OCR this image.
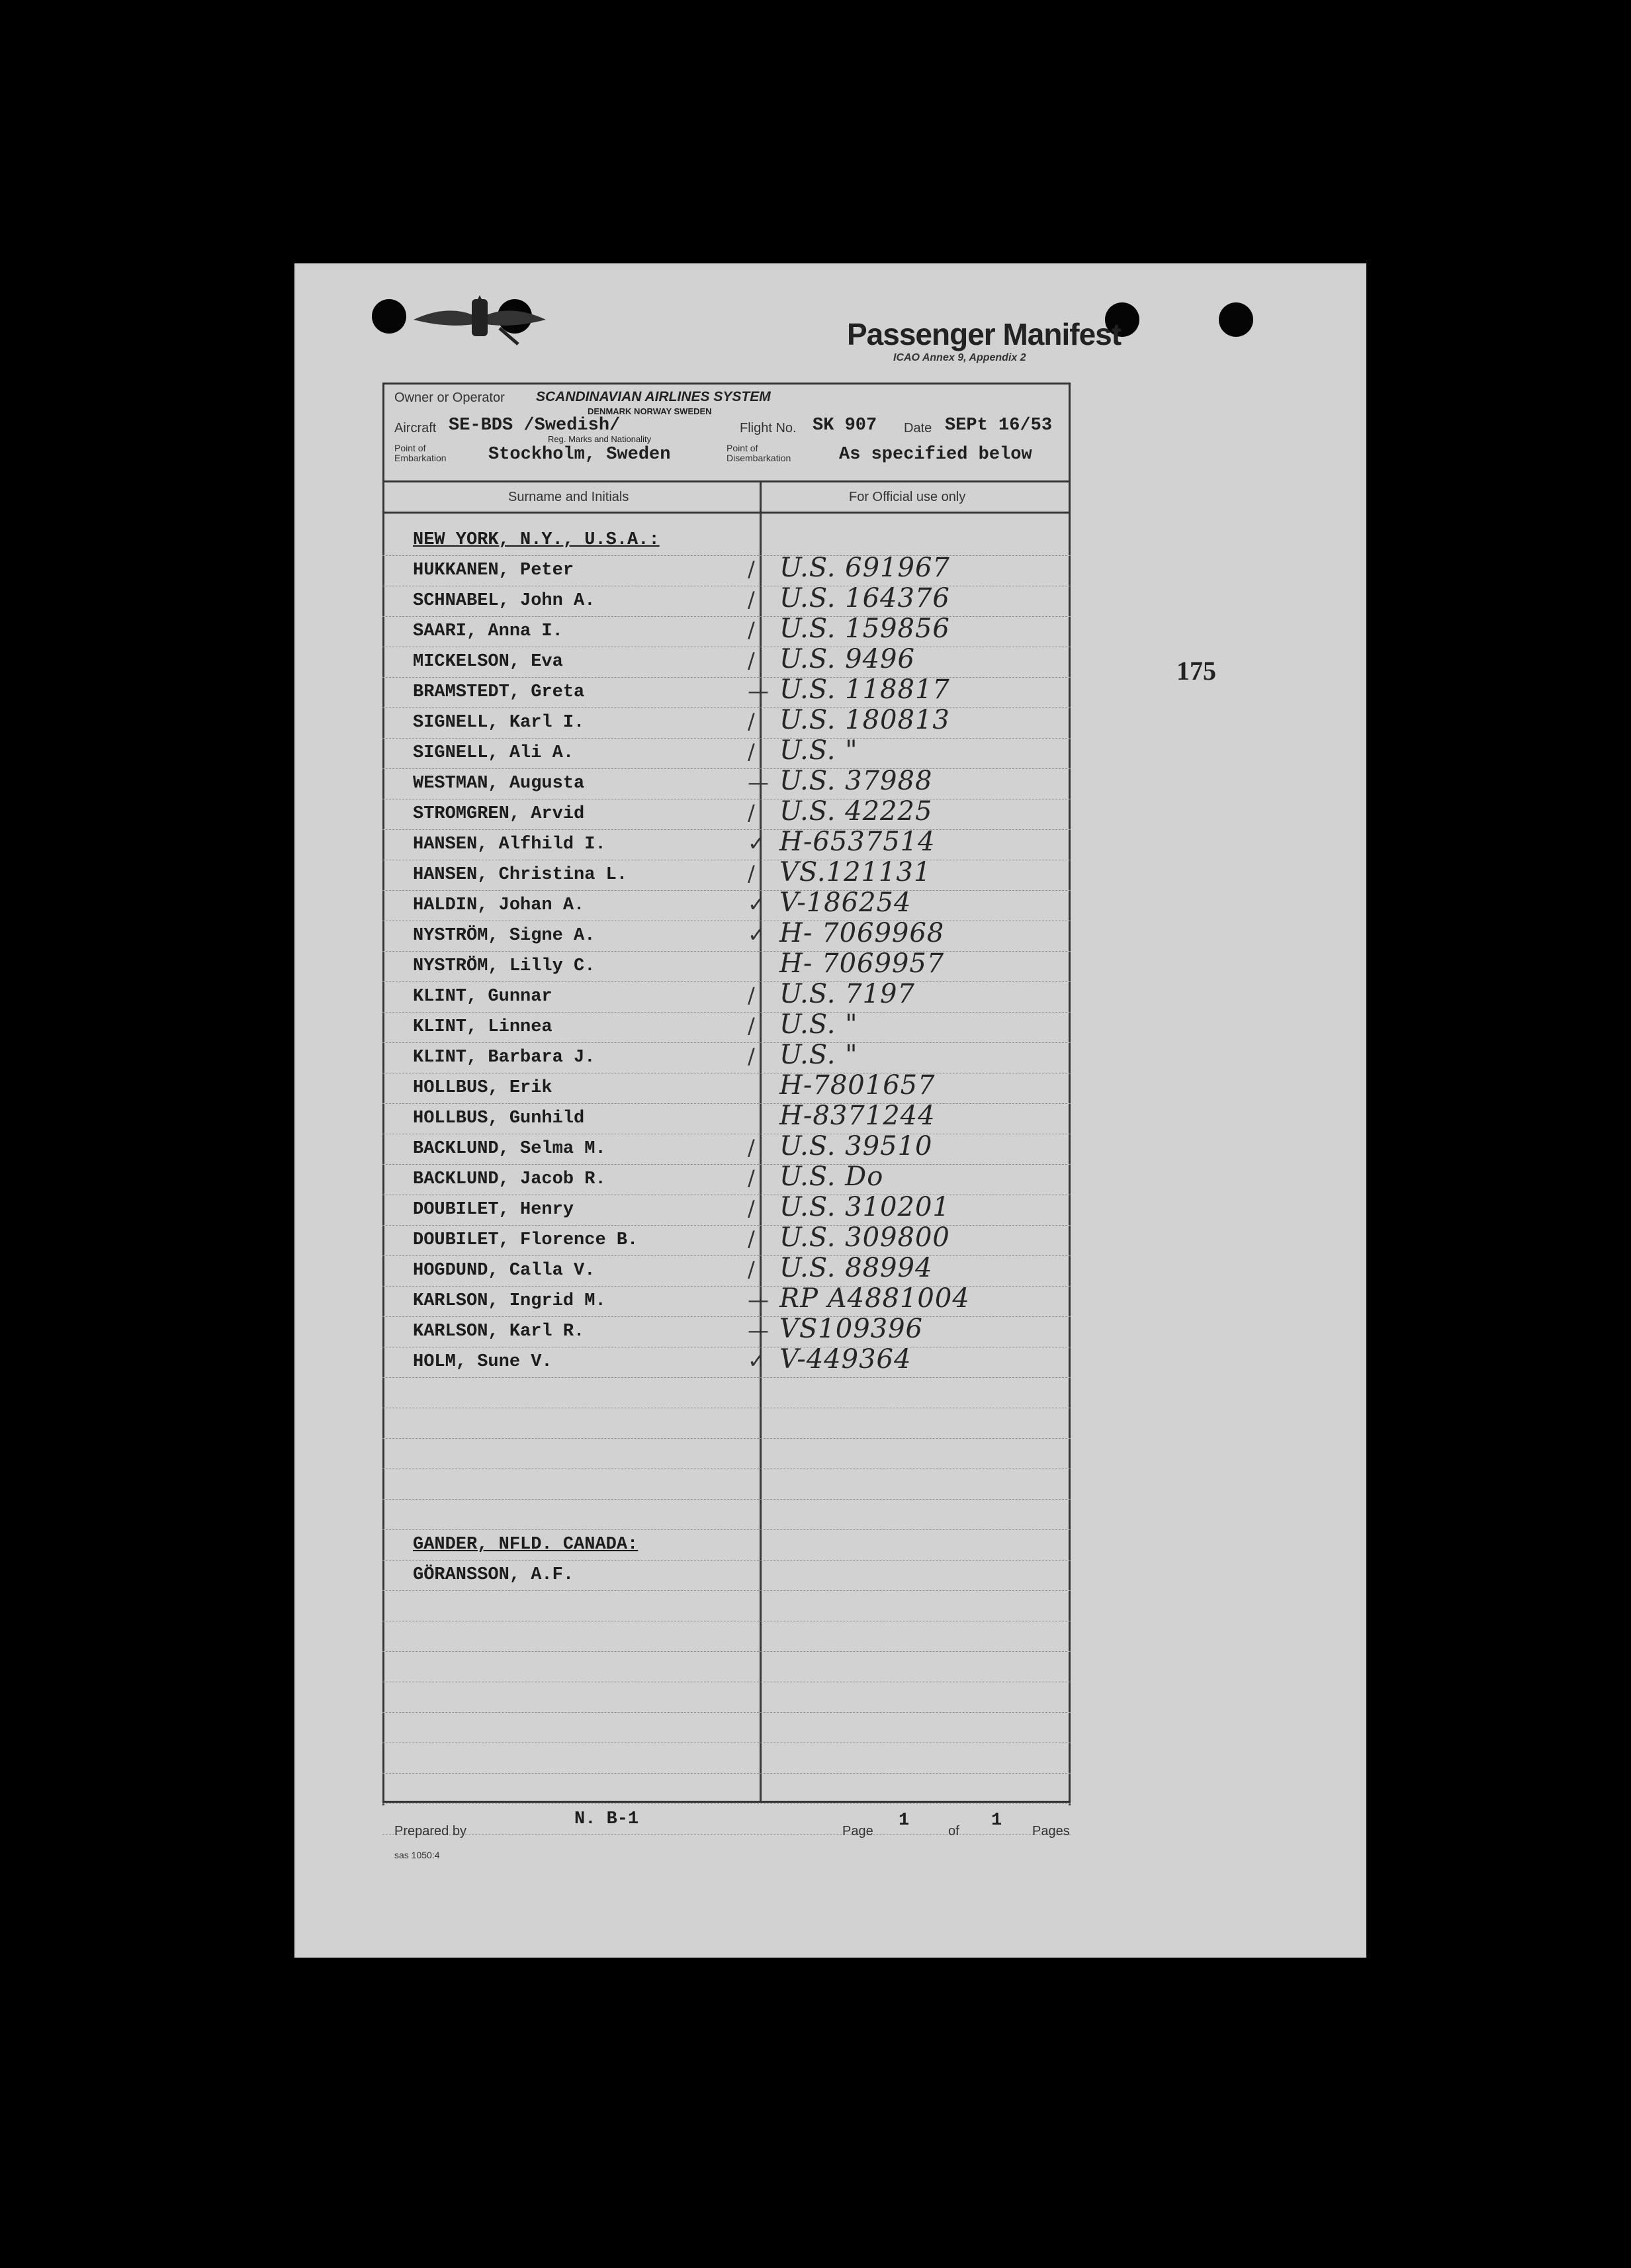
Passenger Manifest
ICAO Annex 9, Appendix 2
175
Owner or Operator SCANDINAVIAN AIRLINES SYSTEM
DENMARK NORWAY SWEDEN
Aircraft SE-BDS /Swedish/
Reg. Marks and Nationality
Flight No. SK 907 Date SEPt 16/53
Point of Embarkation	Stockholm, Sweden	Point of Disembarkation	As specified below
Surname and Initials	For Official use only
NEW YORK, N.Y., U.S.A.:
HUKKANEN, Peter	/ U.S. 691967
SCHNABEL, John A.	/ U.S. 164376
SAARI, Anna I.	/ U.S. 159856
MICKELSON, Eva	/ U.S. 9496
BRAMSTEDT, Greta	— U.S. 118817
SIGNELL, Karl I.	/ U.S. 180813
SIGNELL, Ali A.	/ U.S. "
WESTMAN, Augusta	— U.S. 37988
STROMGREN, Arvid	/ U.S. 42225
HANSEN, Alfhild I.	✓ H-6537514
HANSEN, Christina L.	/ VS.121131
HALDIN, Johan A.	✓ V-186254
NYSTRÖM, Signe A.	✓ H- 7069968
NYSTRÖM, Lilly C.	H- 7069957
KLINT, Gunnar	/ U.S. 7197
KLINT, Linnea	/ U.S. "
KLINT, Barbara J.	/ U.S. "
HOLLBUS, Erik	H-7801657
HOLLBUS, Gunhild	H-8371244
BACKLUND, Selma M.	/ U.S. 39510
BACKLUND, Jacob R.	/ U.S. Do
DOUBILET, Henry	/ U.S. 310201
DOUBILET, Florence B.	/ U.S. 309800
HOGDUND, Calla V.	/ U.S. 88994
KARLSON, Ingrid M.	— RP A4881004
KARLSON, Karl R.	— VS109396
HOLM, Sune V.	✓ V-449364
GANDER, NFLD. CANADA:
GÖRANSSON, A.F.
Prepared by
N. B-1
Page
1
of
1
Pages
sas 1050:4
